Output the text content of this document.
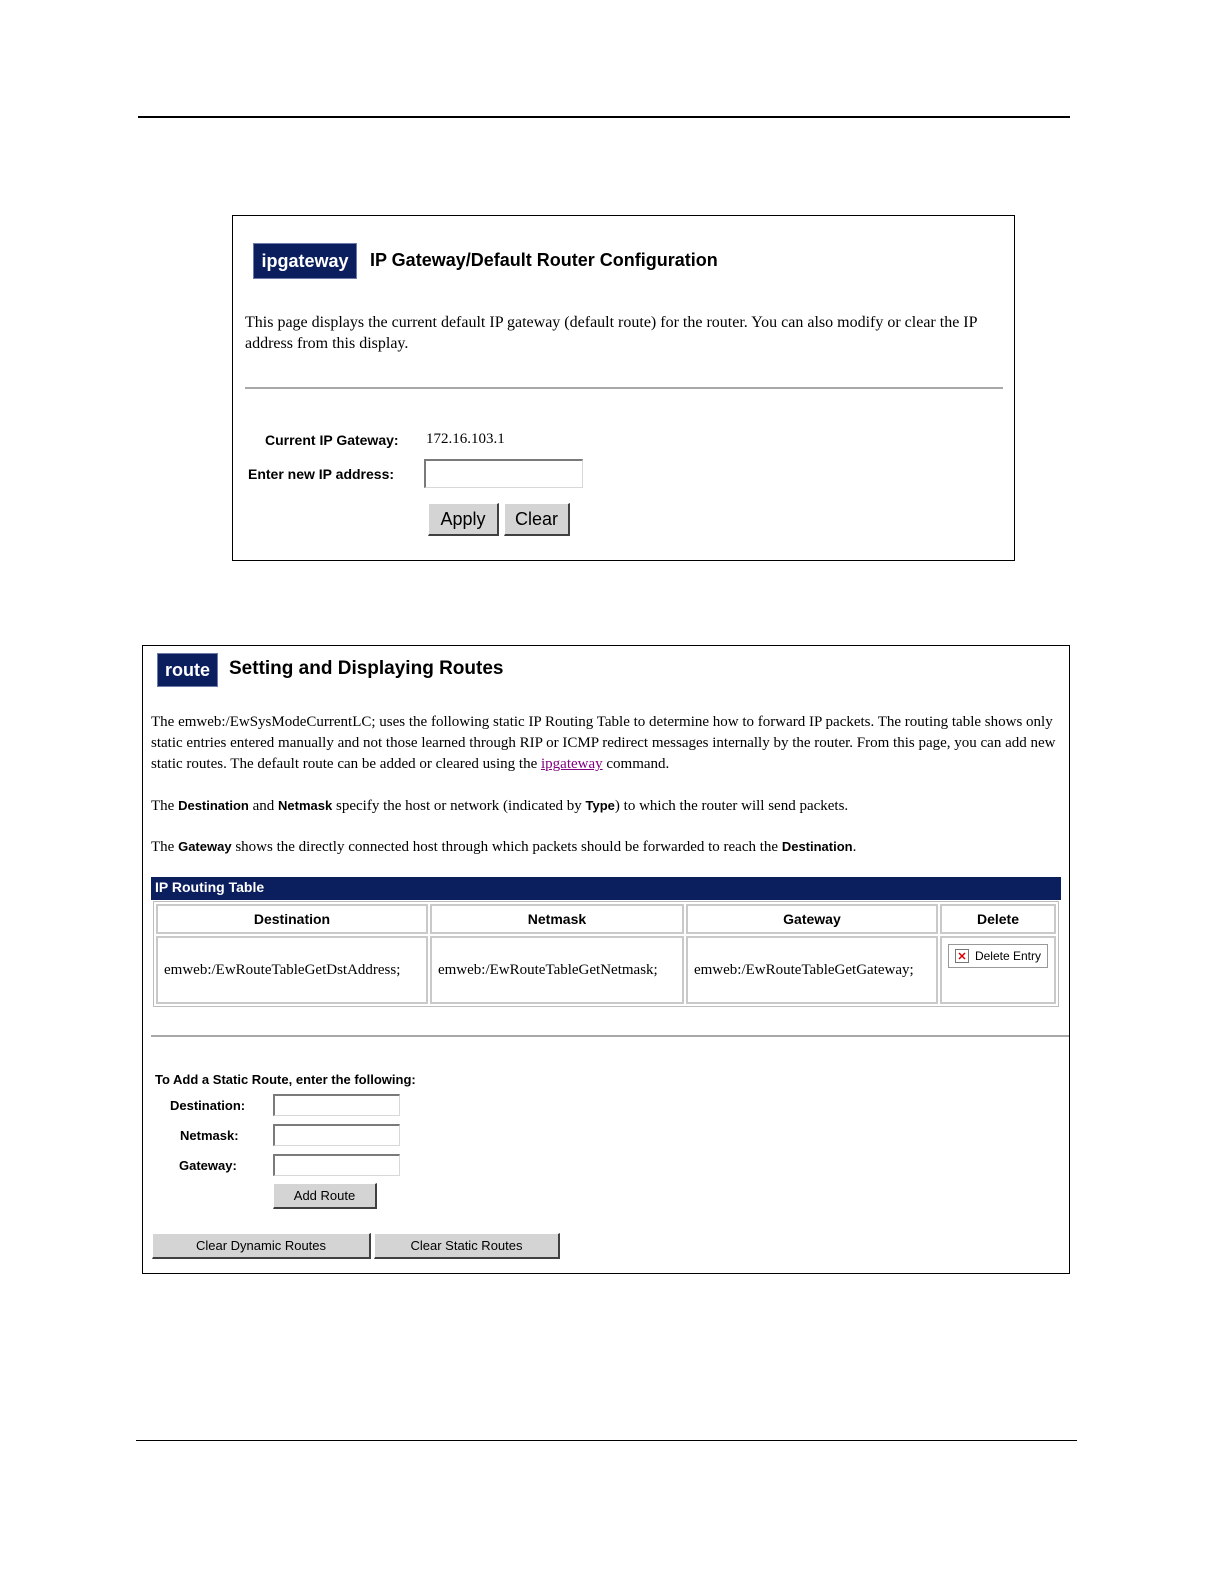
ipgateway	IP Gateway/Default Router Configuration
This page displays the current default IP gateway (default route) for the router. You can also modify or clear the IP address from this display.
Current IP Gateway: 172.16.103.1
Enter new IP address:
Apply	Clear
route	Setting and Displaying Routes
The emweb:/EwSysModeCurrentLC; uses the following static IP Routing Table to determine how to forward IP packets. The routing table shows only static entries entered manually and not those learned through RIP or ICMP redirect messages internally by the router. From this page, you can add new static routes. The default route can be added or cleared using the ipgateway command.
The Destination and Netmask specify the host or network (indicated by Type) to which the router will send packets.
The Gateway shows the directly connected host through which packets should be forwarded to reach the Destination.
IP Routing Table
Destination	Netmask	Gateway	Delete
emweb:/EwRouteTableGetDstAddress;	emweb:/EwRouteTableGetNetmask;	emweb:/EwRouteTableGetGateway;	✕ Delete Entry
To Add a Static Route, enter the following:
Destination:
Netmask:
Gateway:
Add Route
Clear Dynamic Routes	Clear Static Routes
